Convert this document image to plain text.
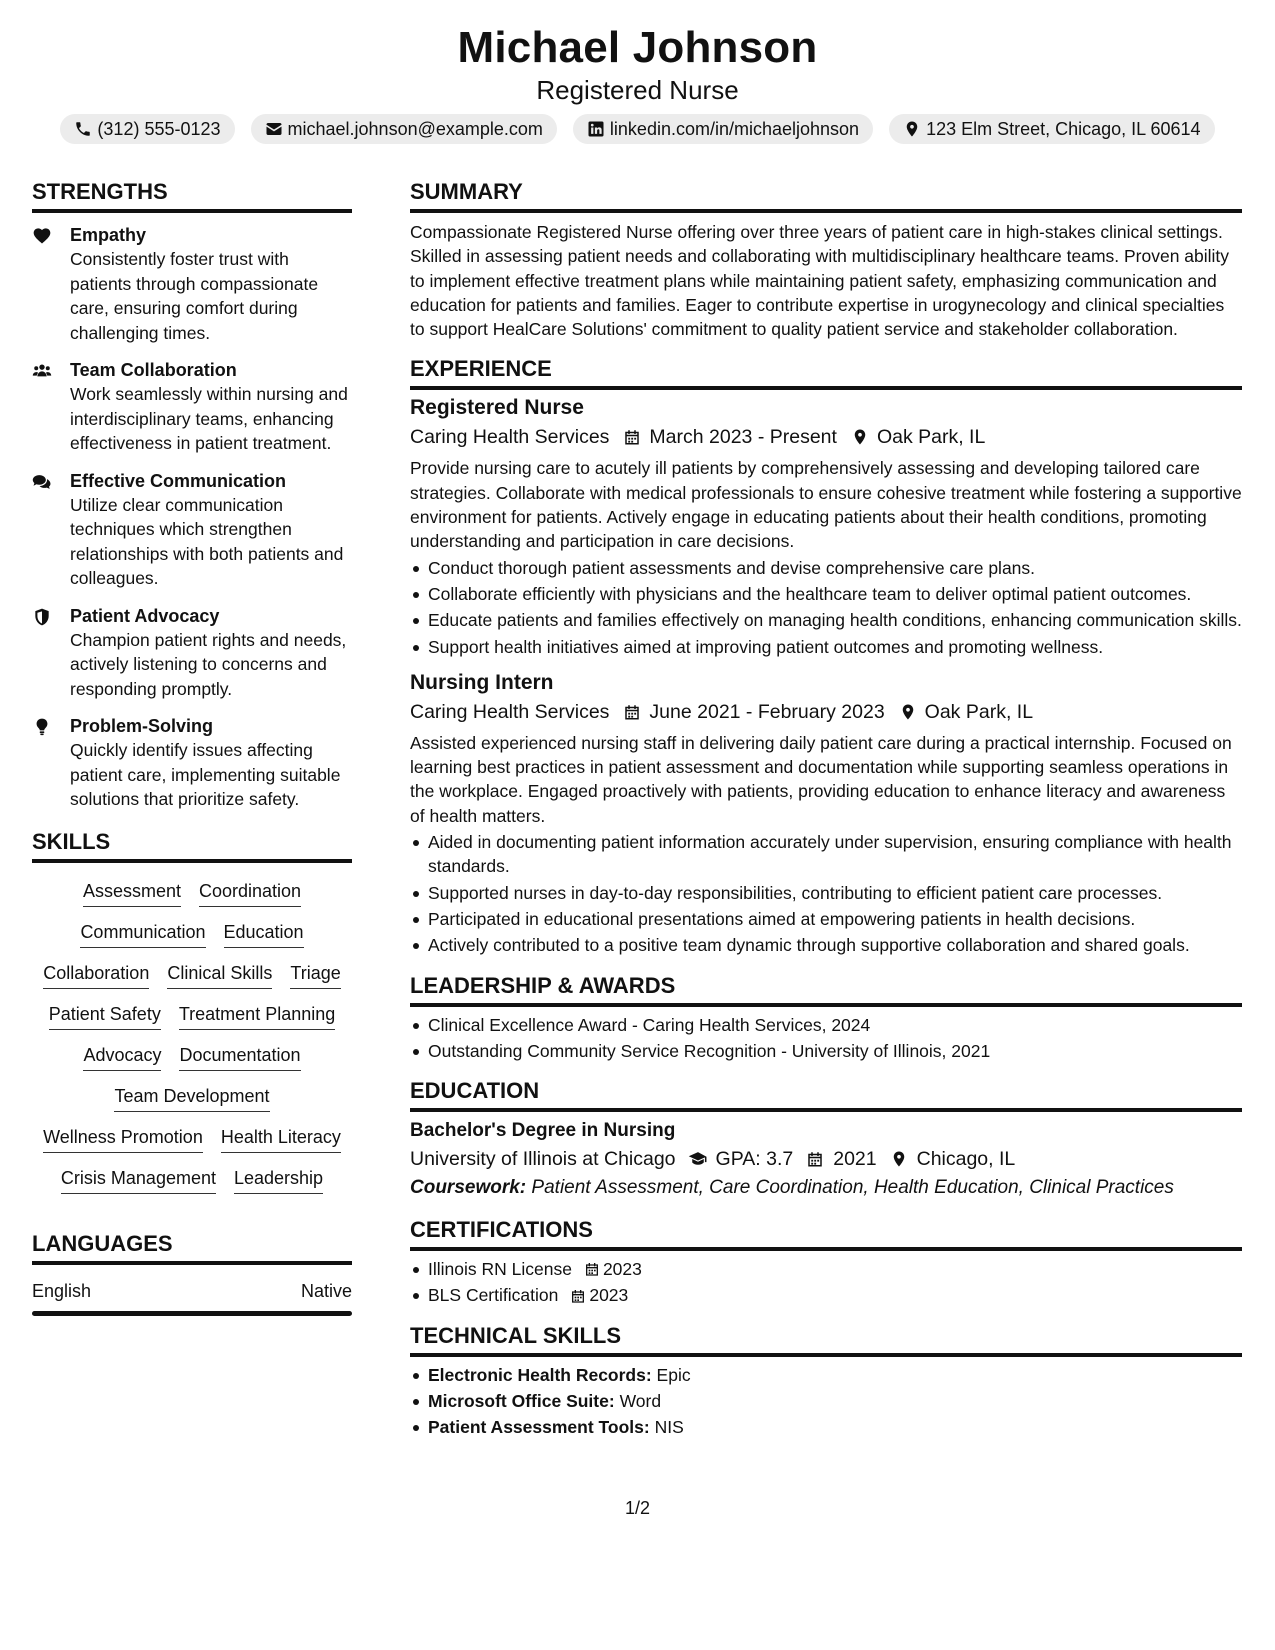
Michael Johnson
Registered Nurse
(312) 555-0123	michael.johnson@example.com	linkedin.com/in/michaeljohnson	123 Elm Street, Chicago, IL 60614
STRENGTHS
Empathy
Consistently foster trust with patients through compassionate care, ensuring comfort during challenging times.
Team Collaboration
Work seamlessly within nursing and interdisciplinary teams, enhancing effectiveness in patient treatment.
Effective Communication
Utilize clear communication techniques which strengthen relationships with both patients and colleagues.
Patient Advocacy
Champion patient rights and needs, actively listening to concerns and responding promptly.
Problem-Solving
Quickly identify issues affecting patient care, implementing suitable solutions that prioritize safety.
SKILLS
Assessment Coordination
Communication Education
Collaboration Clinical Skills Triage
Patient Safety Treatment Planning
Advocacy Documentation
Team Development
Wellness Promotion Health Literacy
Crisis Management Leadership
LANGUAGES
English	Native
SUMMARY
Compassionate Registered Nurse offering over three years of patient care in high-stakes clinical settings. Skilled in assessing patient needs and collaborating with multidisciplinary healthcare teams. Proven ability to implement effective treatment plans while maintaining patient safety, emphasizing communication and education for patients and families. Eager to contribute expertise in urogynecology and clinical specialties to support HealCare Solutions' commitment to quality patient service and stakeholder collaboration.
EXPERIENCE
Registered Nurse
Caring Health Services March 2023 - Present Oak Park, IL
Provide nursing care to acutely ill patients by comprehensively assessing and developing tailored care strategies. Collaborate with medical professionals to ensure cohesive treatment while fostering a supportive environment for patients. Actively engage in educating patients about their health conditions, promoting understanding and participation in care decisions.
Conduct thorough patient assessments and devise comprehensive care plans.
Collaborate efficiently with physicians and the healthcare team to deliver optimal patient outcomes.
Educate patients and families effectively on managing health conditions, enhancing communication skills.
Support health initiatives aimed at improving patient outcomes and promoting wellness.
Nursing Intern
Caring Health Services June 2021 - February 2023 Oak Park, IL
Assisted experienced nursing staff in delivering daily patient care during a practical internship. Focused on learning best practices in patient assessment and documentation while supporting seamless operations in the workplace. Engaged proactively with patients, providing education to enhance literacy and awareness of health matters.
Aided in documenting patient information accurately under supervision, ensuring compliance with health standards.
Supported nurses in day-to-day responsibilities, contributing to efficient patient care processes.
Participated in educational presentations aimed at empowering patients in health decisions.
Actively contributed to a positive team dynamic through supportive collaboration and shared goals.
LEADERSHIP & AWARDS
Clinical Excellence Award - Caring Health Services, 2024
Outstanding Community Service Recognition - University of Illinois, 2021
EDUCATION
Bachelor's Degree in Nursing
University of Illinois at Chicago GPA: 3.7 2021 Chicago, IL
Coursework: Patient Assessment, Care Coordination, Health Education, Clinical Practices
CERTIFICATIONS
Illinois RN License 2023
BLS Certification 2023
TECHNICAL SKILLS
Electronic Health Records: Epic
Microsoft Office Suite: Word
Patient Assessment Tools: NIS
1/2
